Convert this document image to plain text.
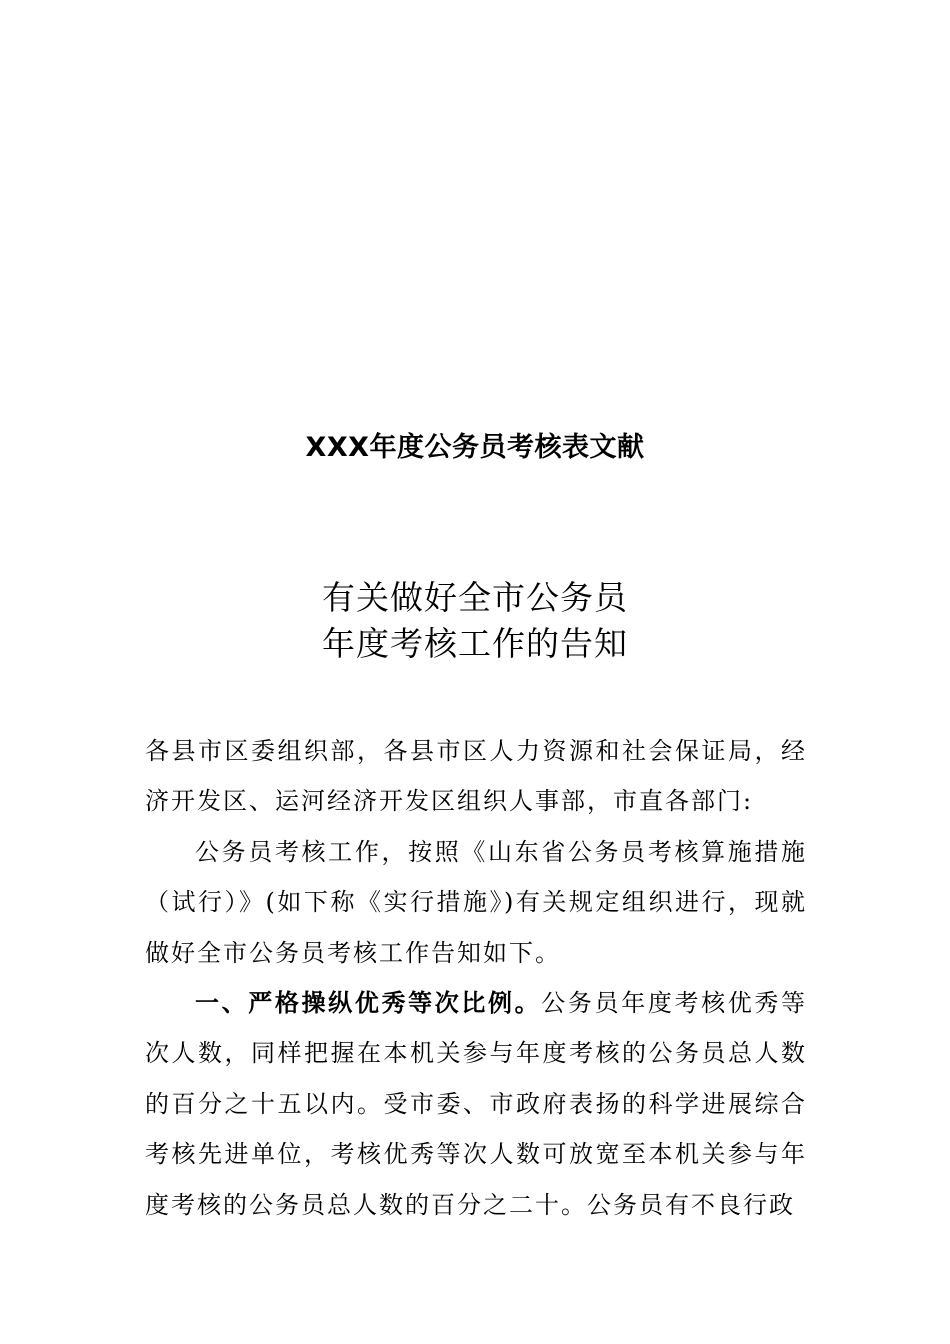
XXX年度公务员考核表文献
有关做好全市公务员
年度考核工作的告知

各县市区委组织部，各县市区人力资源和社会保证局，经济开发区、运河经济开发区组织人事部，市直各部门:

公务员考核工作，按照《山东省公务员考核算施措施（试行）》(如下称《实行措施》)有关规定组织进行，现就做好全市公务员考核工作告知如下。

一、严格操纵优秀等次比例。公务员年度考核优秀等次人数，同样把握在本机关参与年度考核的公务员总人数的百分之十五以内。受市委、市政府表扬的科学进展综合考核先进单位，考核优秀等次人数可放宽至本机关参与年度考核的公务员总人数的百分之二十。公务员有不良行政
